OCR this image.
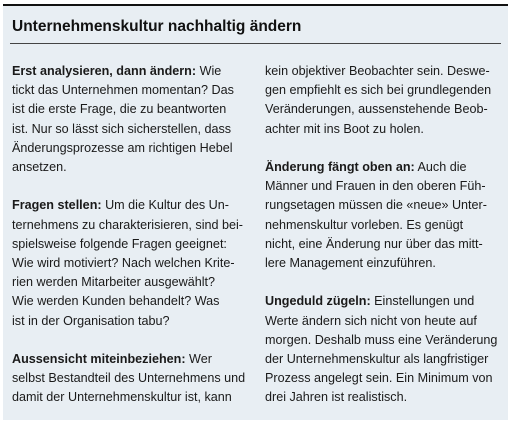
Unternehmenskultur nachhaltig ändern
Erst analysieren, dann ändern: Wie
tickt das Unternehmen momentan? Das
ist die erste Frage, die zu beantworten
ist. Nur so lässt sich sicherstellen, dass
Änderungsprozesse am richtigen Hebel
ansetzen.
Fragen stellen: Um die Kultur des Un-
ternehmens zu charakterisieren, sind bei-
spielsweise folgende Fragen geeignet:
Wie wird motiviert? Nach welchen Krite-
rien werden Mitarbeiter ausgewählt?
Wie werden Kunden behandelt? Was
ist in der Organisation tabu?
Aussensicht miteinbeziehen: Wer
selbst Bestandteil des Unternehmens und
damit der Unternehmenskultur ist, kann
kein objektiver Beobachter sein. Deswe-
gen empfiehlt es sich bei grundlegenden
Veränderungen, aussenstehende Beob-
achter mit ins Boot zu holen.
Änderung fängt oben an: Auch die
Männer und Frauen in den oberen Füh-
rungsetagen müssen die «neue» Unter-
nehmenskultur vorleben. Es genügt
nicht, eine Änderung nur über das mitt-
lere Management einzuführen.
Ungeduld zügeln: Einstellungen und
Werte ändern sich nicht von heute auf
morgen. Deshalb muss eine Veränderung
der Unternehmenskultur als langfristiger
Prozess angelegt sein. Ein Minimum von
drei Jahren ist realistisch.
